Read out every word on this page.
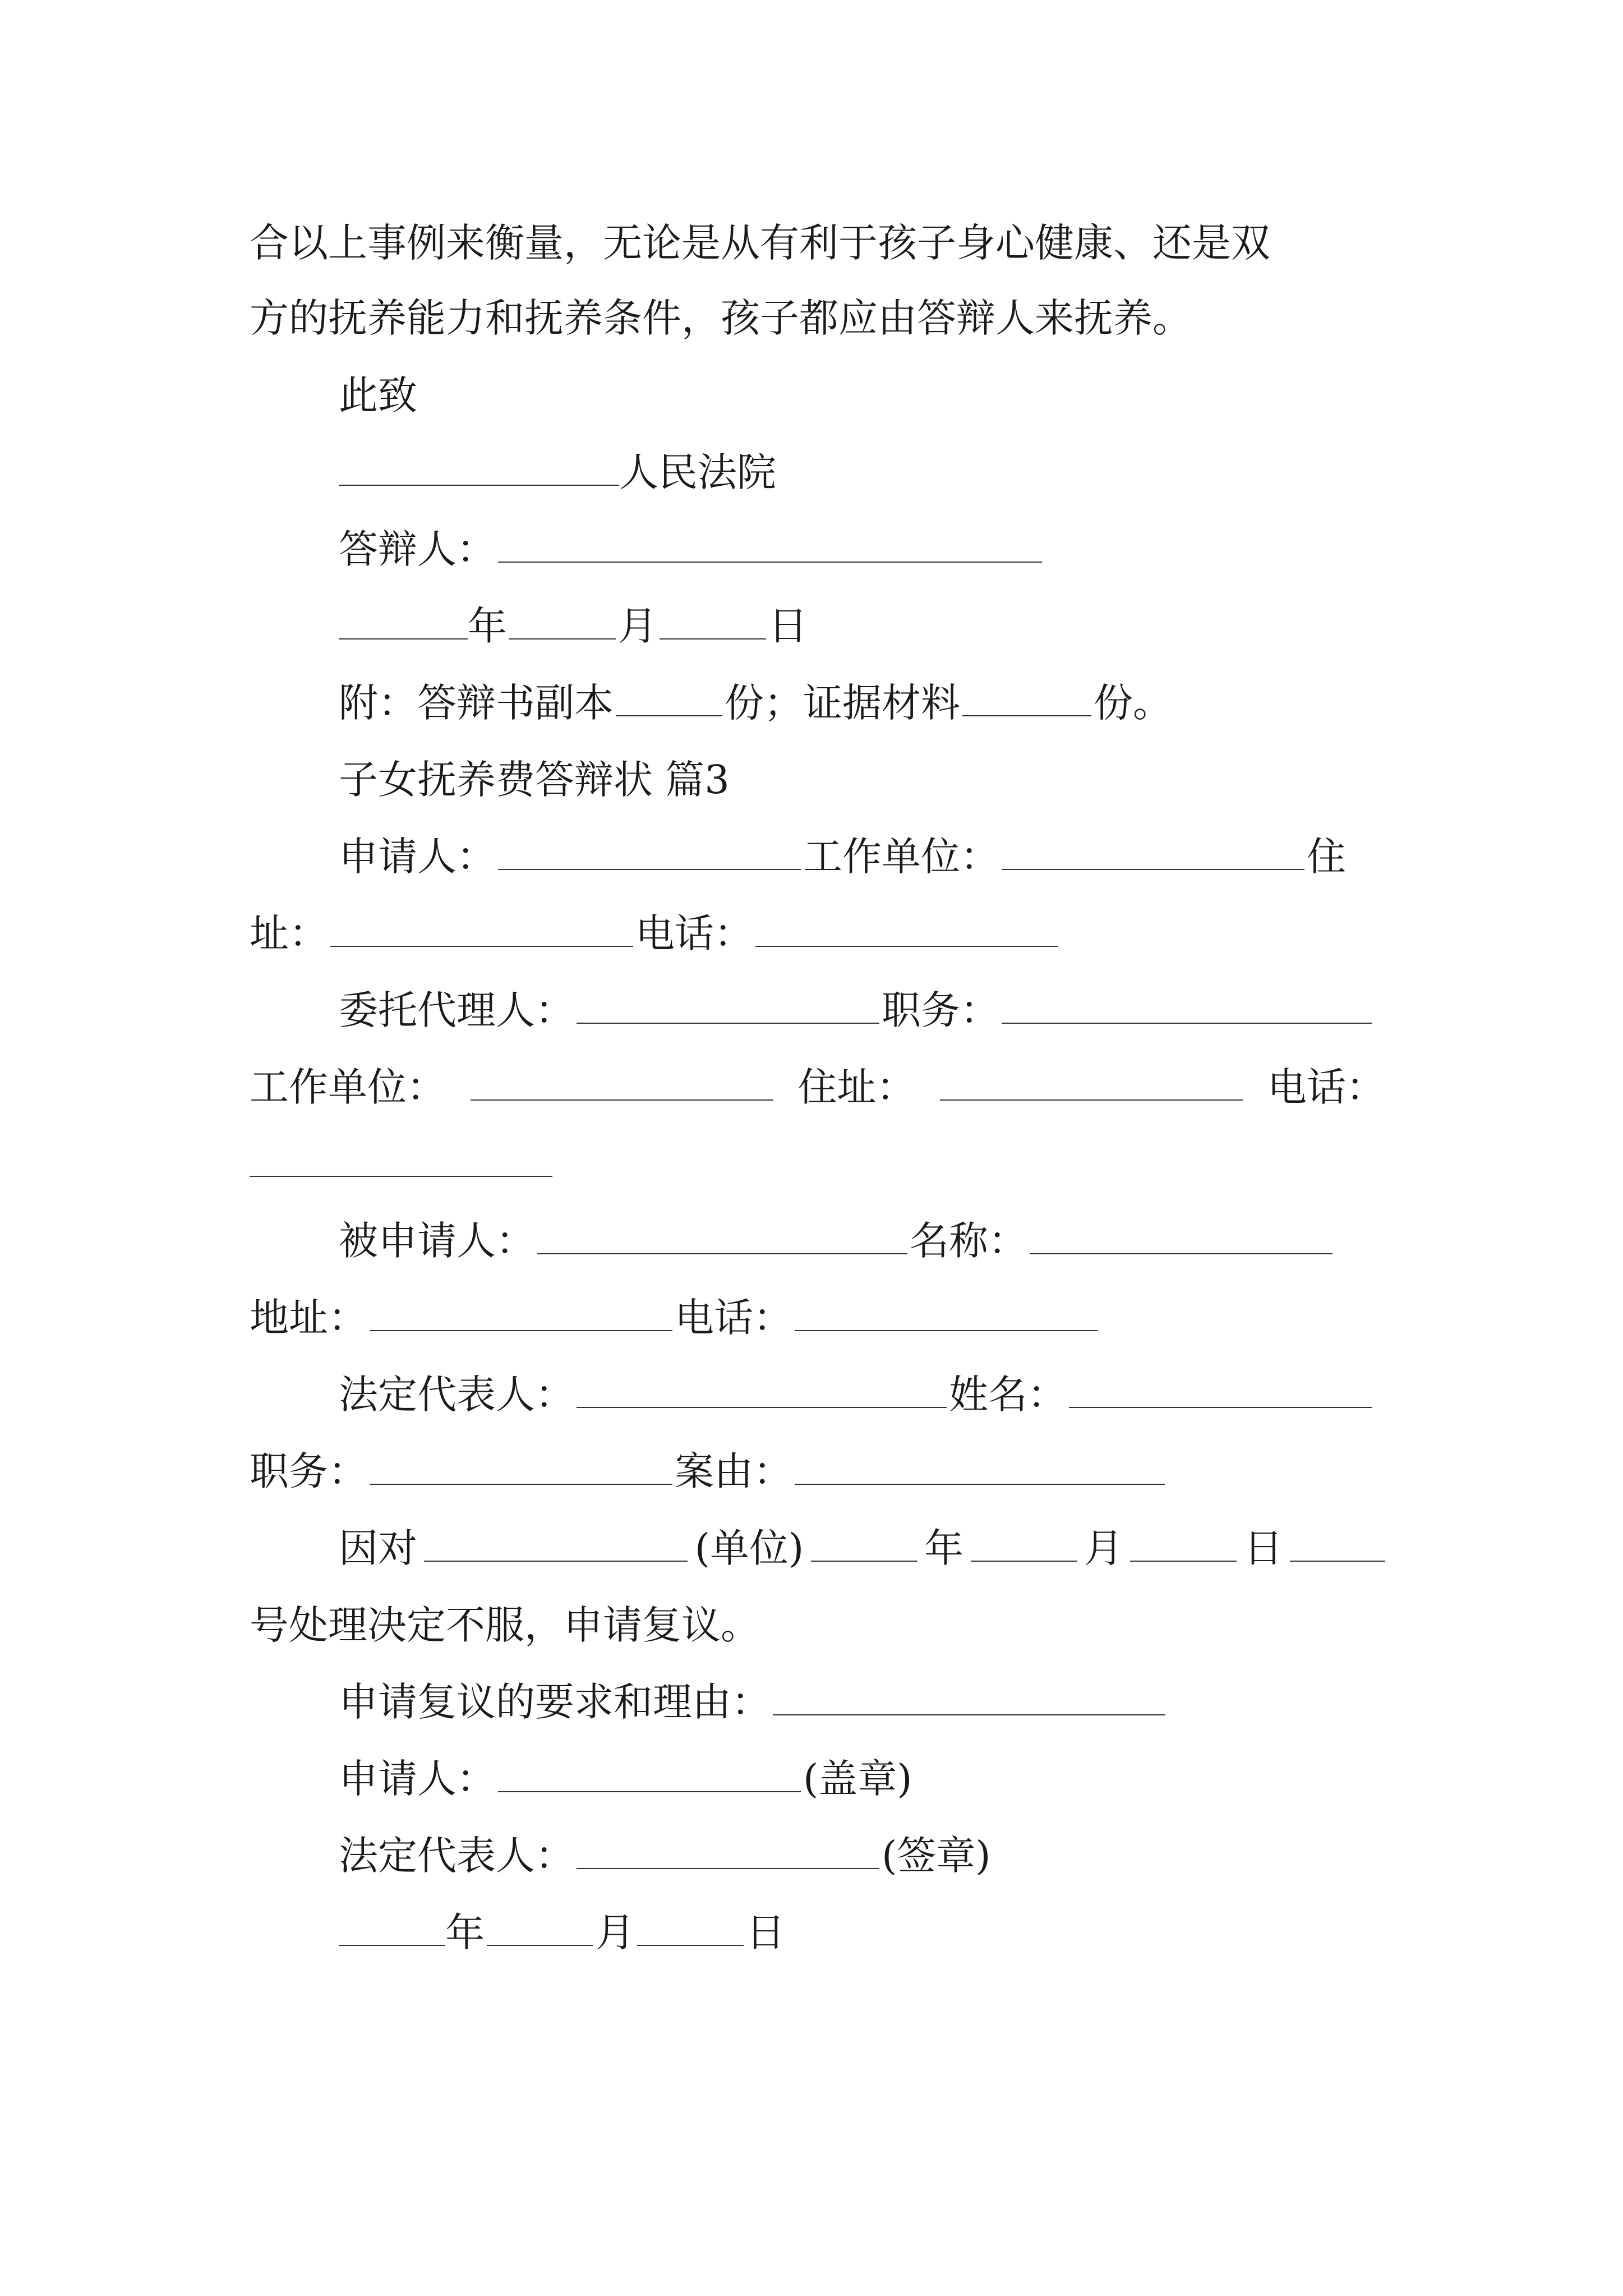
合以上事例来衡量，无论是从有利于孩子身心健康、还是双
方的抚养能力和抚养条件，孩子都应由答辩人来抚养。
此致
人民法院
答辩人：
年	月	日
附：答辩书副本	份；证据材料	份。
子女抚养费答辩状 篇3
申请人：	工作单位：	住
址：	电话：
委托代理人：	职务：
工作单位：	住址：	电话：
被申请人：	名称：
地址：	电话：
法定代表人：	姓名：
职务：	案由：
因对	(单位)	年	月	日
号处理决定不服，申请复议。
申请复议的要求和理由：
申请人：	(盖章)
法定代表人：	(签章)
年	月	日
